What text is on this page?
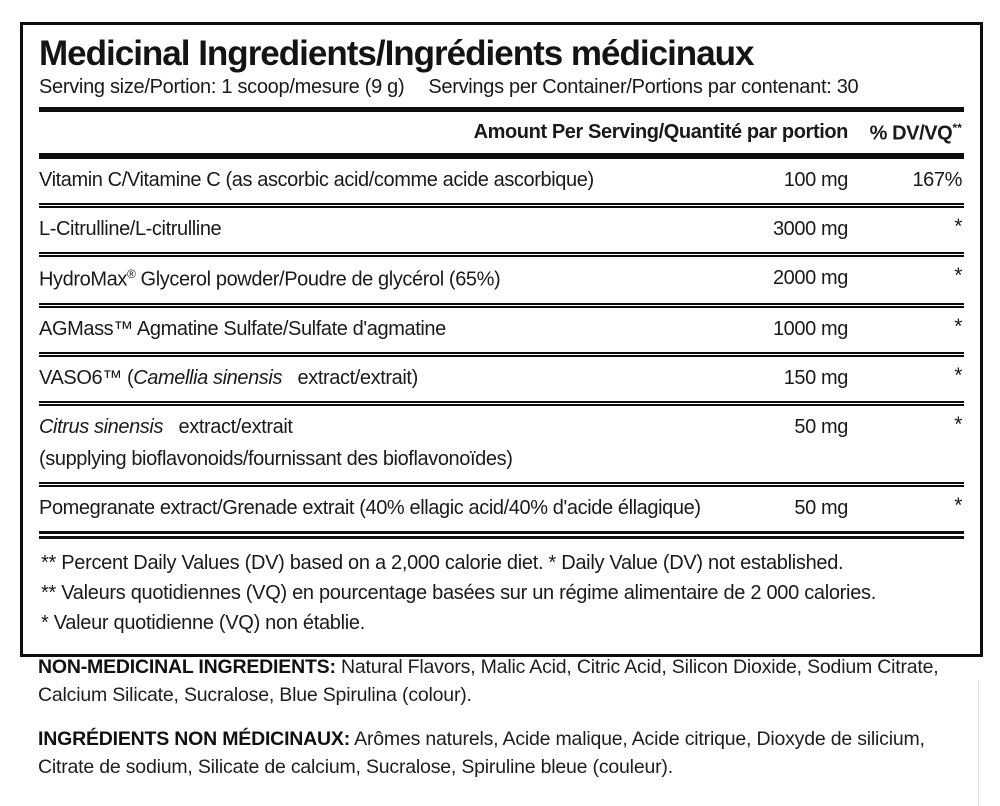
Medicinal Ingredients/Ingrédients médicinaux
Serving size/Portion: 1 scoop/mesure (9 g) Servings per Container/Portions par contenant: 30
Amount Per Serving/Quantité par portion		% DV/VQ**
Vitamin C/Vitamine C (as ascorbic acid/comme acide ascorbique)	100 mg	167%
L-Citrulline/L-citrulline	3000 mg	*
HydroMax® Glycerol powder/Poudre de glycérol (65%)	2000 mg	*
AGMass™ Agmatine Sulfate/Sulfate d'agmatine	1000 mg	*
VASO6™ (Camellia sinensis   extract/extrait)	150 mg	*
Citrus sinensis   extract/extrait
(supplying bioflavonoids/fournissant des bioflavonoïdes)	50 mg	*
Pomegranate extract/Grenade extrait (40% ellagic acid/40% d'acide éllagique)	50 mg	*
** Percent Daily Values (DV) based on a 2,000 calorie diet. * Daily Value (DV) not established.
** Valeurs quotidiennes (VQ) en pourcentage basées sur un régime alimentaire de 2 000 calories.
* Valeur quotidienne (VQ) non établie.

NON-MEDICINAL INGREDIENTS: Natural Flavors, Malic Acid, Citric Acid, Silicon Dioxide, Sodium Citrate, Calcium Silicate, Sucralose, Blue Spirulina (colour).

INGRÉDIENTS NON MÉDICINAUX: Arômes naturels, Acide malique, Acide citrique, Dioxyde de silicium, Citrate de sodium, Silicate de calcium, Sucralose, Spiruline bleue (couleur).
